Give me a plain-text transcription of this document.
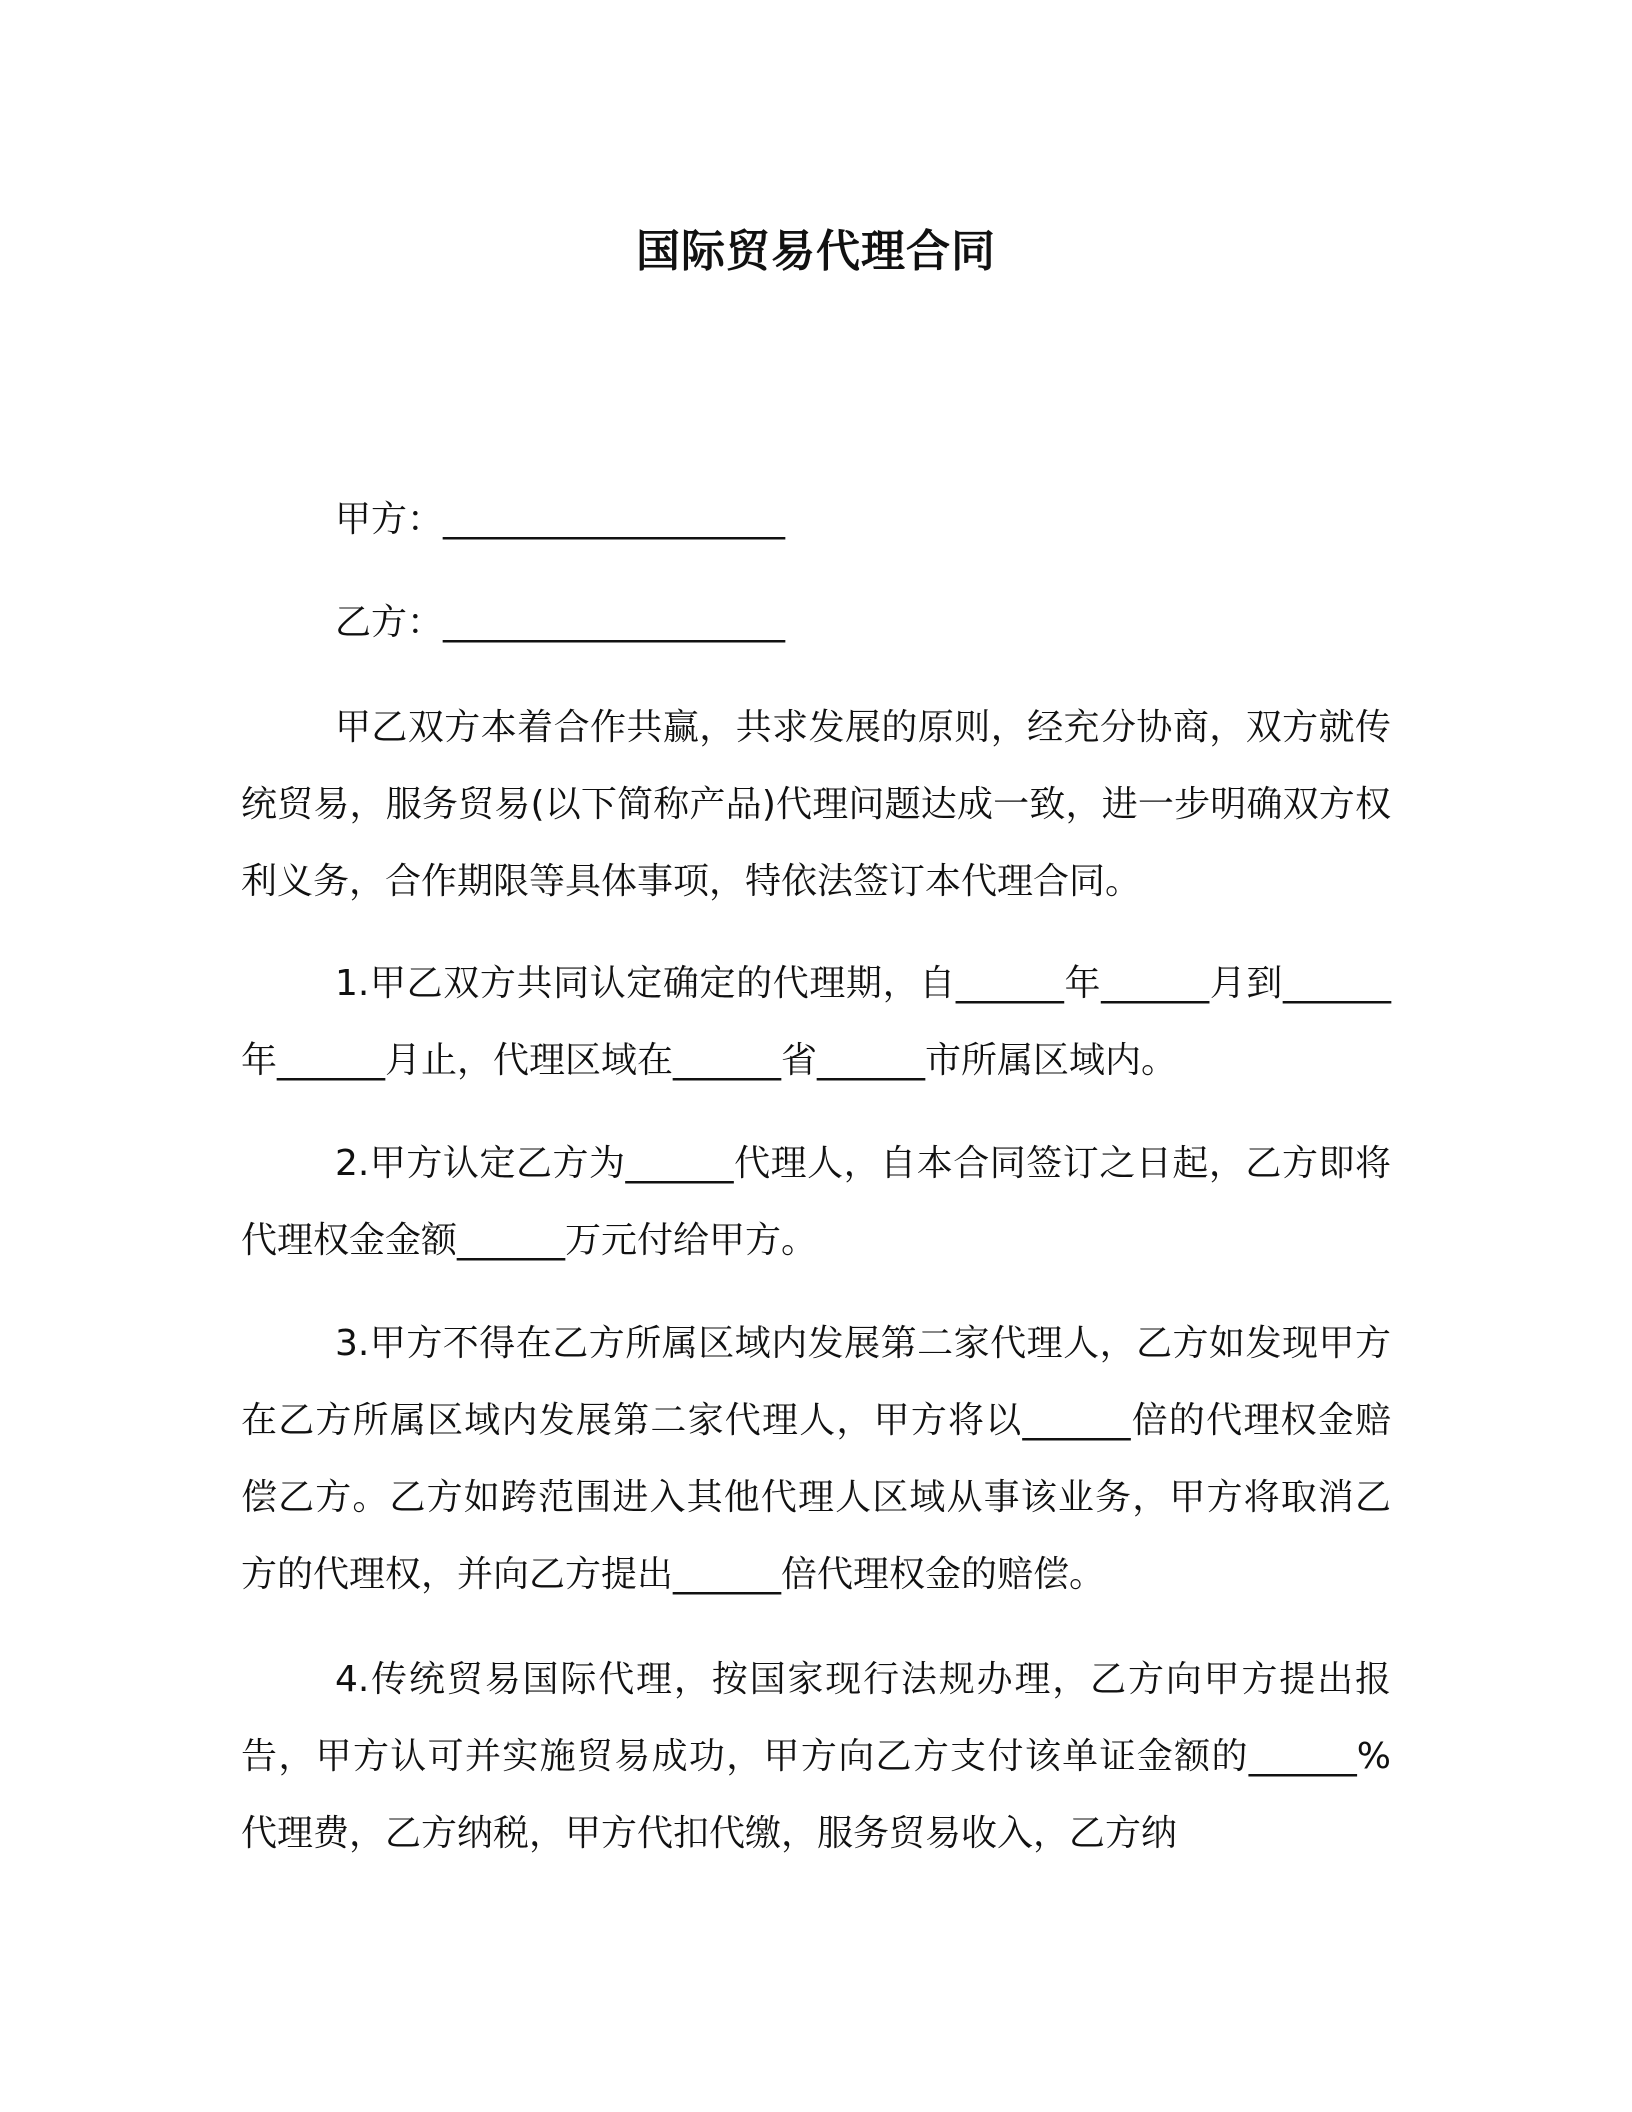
国际贸易代理合同

甲方：___________________

乙方：___________________

甲乙双方本着合作共赢，共求发展的原则，经充分协商，双方就传统贸易，服务贸易(以下简称产品)代理问题达成一致，进一步明确双方权利义务，合作期限等具体事项，特依法签订本代理合同。

1.甲乙双方共同认定确定的代理期，自______年______月到______年______月止，代理区域在______省______市所属区域内。

2.甲方认定乙方为______代理人，自本合同签订之日起，乙方即将代理权金金额______万元付给甲方。

3.甲方不得在乙方所属区域内发展第二家代理人，乙方如发现甲方在乙方所属区域内发展第二家代理人，甲方将以______倍的代理权金赔偿乙方。乙方如跨范围进入其他代理人区域从事该业务，甲方将取消乙方的代理权，并向乙方提出______倍代理权金的赔偿。

4.传统贸易国际代理，按国家现行法规办理，乙方向甲方提出报告，甲方认可并实施贸易成功，甲方向乙方支付该单证金额的______%代理费，乙方纳税，甲方代扣代缴，服务贸易收入，乙方纳
